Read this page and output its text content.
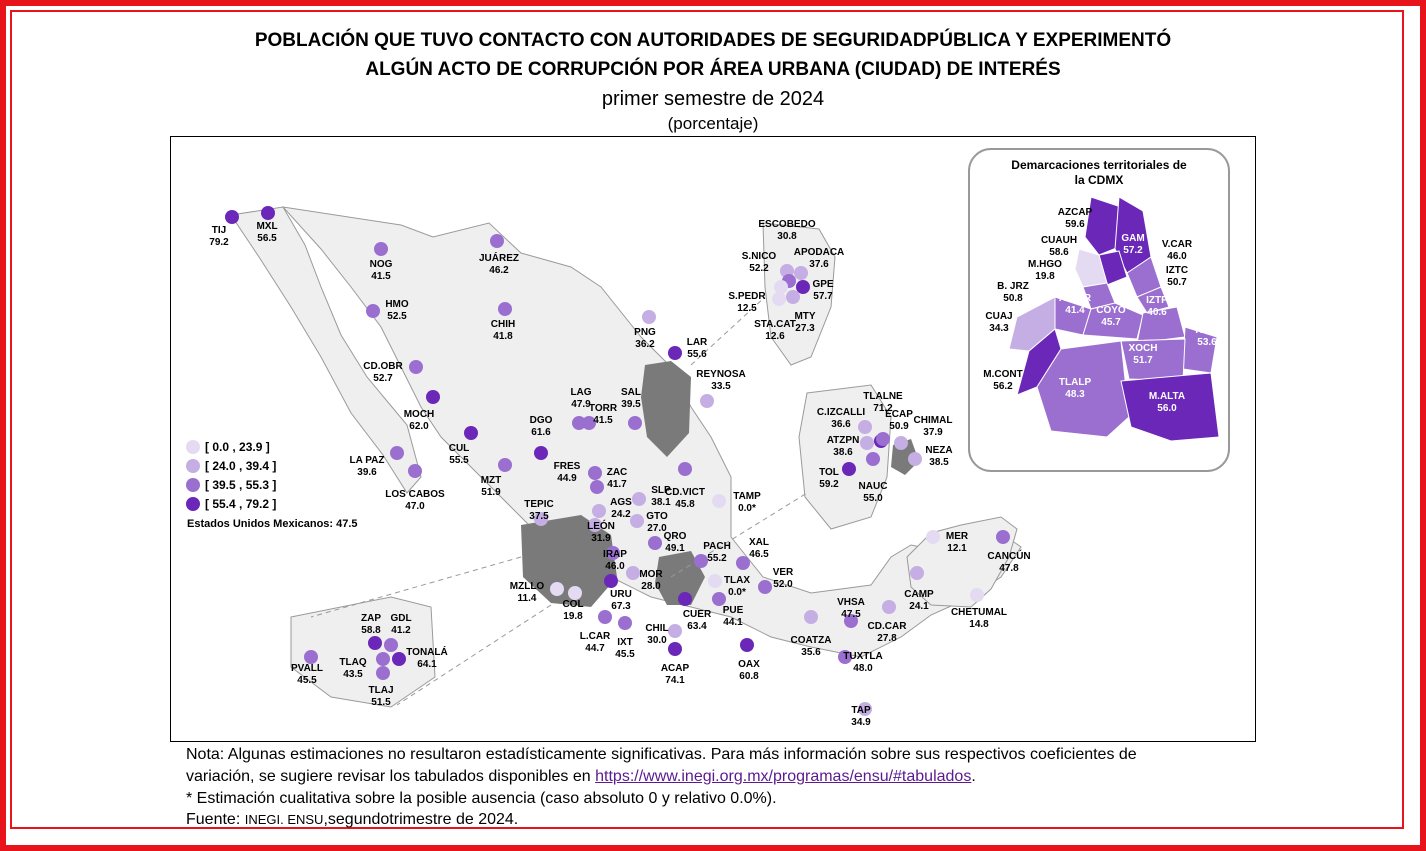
POBLACIÓN QUE TUVO CONTACTO CON AUTORIDADES DE SEGURIDADPÚBLICA Y EXPERIMENTÓ
ALGÚN ACTO DE CORRUPCIÓN POR ÁREA URBANA (CIUDAD) DE INTERÉS
primer semestre de 2024
(porcentaje)
[ 0.0 , 23.9 ]
[ 24.0 , 39.4 ]
[ 39.5 , 55.3 ]
[ 55.4 , 79.2 ]
Estados Unidos Mexicanos: 47.5
TIJ
79.2
MXL
56.5
NOG
41.5
JUÁREZ
46.2
HMO
52.5
CHIH
41.8
CD.OBR
52.7
MOCH
62.0
LA PAZ
39.6
LOS CABOS
47.0
CUL
55.5
MZT
51.9
DGO
61.6
LAG
47.9
TORR
41.5
SAL
39.5
PNG
36.2	LAR
55.6
REYNOSA
33.5
ESCOBEDO
30.8
S.NICO
52.2
APODACA
37.6
S.PEDR
12.5
GPE
57.7
STA.CAT
12.6
MTY
27.3
FRES
44.9
ZAC
41.7
SLP
38.1
CD.VICT
45.8
TAMP
0.0*
AGS
24.2 GTO
27.0
TEPIC
37.5
LEÓN
31.9
IRAP
46.0
QRO
49.1 PACH
55.2
XAL
46.5
MOR
28.0
TLAX
0.0*
VER
52.0
URU
67.3
MZLLO
11.4
COL
19.8	CUER
63.4
PUE
44.1
L.CAR
44.7
IXT
45.5
CHIL
30.0
ACAP
74.1
OAX
60.8
COATZA
35.6
VHSA
47.5
CD.CAR
27.8
TUXTLA
48.0
TAP
34.9
CAMP
24.1
MER
12.1
CANCÚN
47.8
CHETUMAL
14.8
C.IZCALLI
36.6
TLALNE
71.2
ECAP
50.9
CHIMAL
37.9
ATZPN
38.6	NEZA
38.5
TOL
59.2 NAUC
55.0
ZAP
58.8
GDL
41.2
PVALL
45.5
TLAQ
43.5
TONALÁ
64.1
TLAJ
51.5
Demarcaciones territoriales de
la CDMX
AZCAP
59.6
GAM
57.2
CUAUH
58.6
V.CAR
46.0
M.HGO
19.8
IZTC
50.7
B. JRZ
50.8	A.OBR
41.4 COYO
45.7
IZTP
40.6
CUAJ
34.3	TLHC
53.6
XOCH
51.7
M.CONT
56.2	TLALP
48.3	M.ALTA
56.0
Nota: Algunas estimaciones no resultaron estadísticamente significativas. Para más información sobre sus respectivos coeficientes de
variación, se sugiere revisar los tabulados disponibles en https://www.inegi.org.mx/programas/ensu/#tabulados.
* Estimación cualitativa sobre la posible ausencia (caso absoluto 0 y relativo 0.0%).
Fuente: INEGI. ENSU,segundotrimestre de 2024.
